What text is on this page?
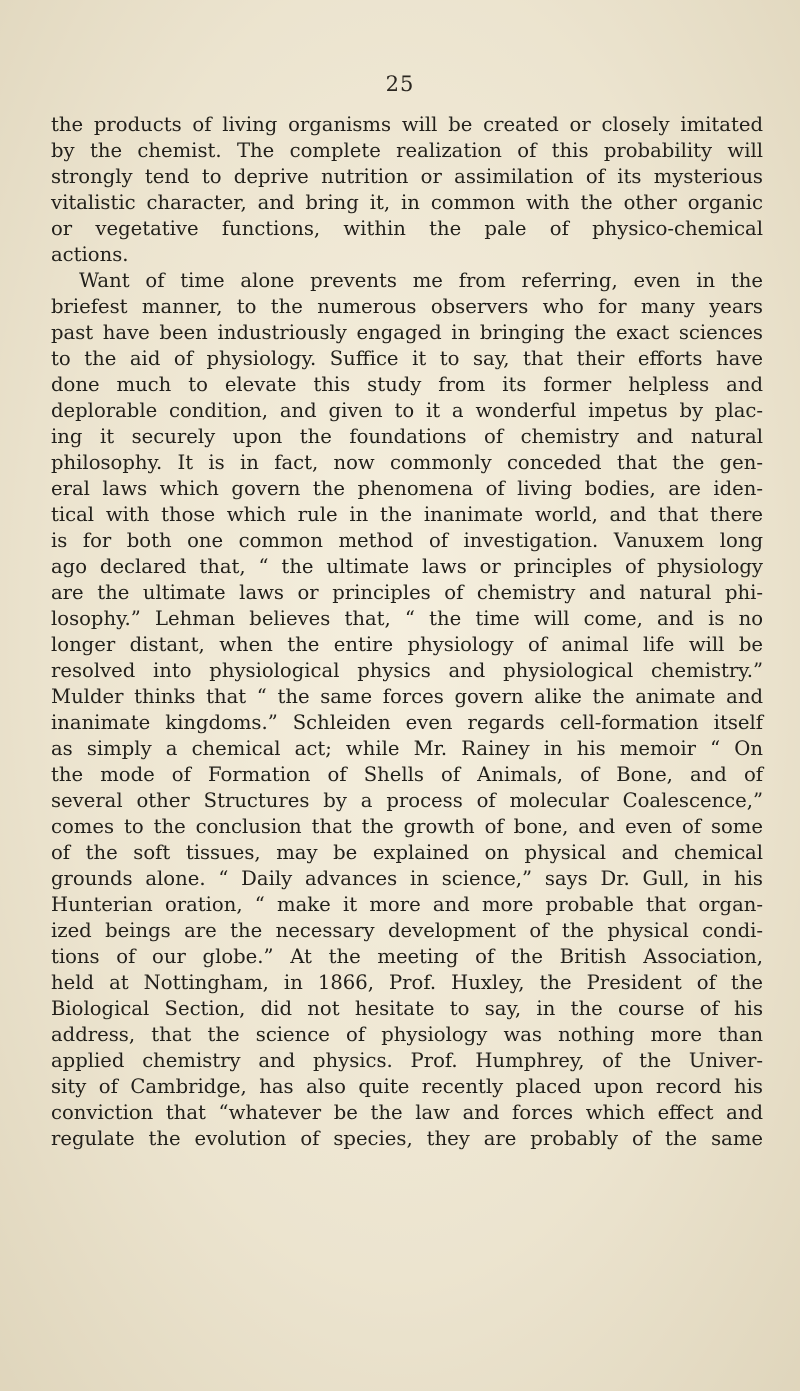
25
the products of living organisms will be created or closely imitated
by the chemist. The complete realization of this probability will
strongly tend to deprive nutrition or assimilation of its mysterious
vitalistic character, and bring it, in common with the other organic
or vegetative functions, within the pale of physico-chemical
actions.
Want of time alone prevents me from referring, even in the
briefest manner, to the numerous observers who for many years
past have been industriously engaged in bringing the exact sciences
to the aid of physiology. Suffice it to say, that their efforts have
done much to elevate this study from its former helpless and
deplorable condition, and given to it a wonderful impetus by plac-
ing it securely upon the foundations of chemistry and natural
philosophy. It is in fact, now commonly conceded that the gen-
eral laws which govern the phenomena of living bodies, are iden-
tical with those which rule in the inanimate world, and that there
is for both one common method of investigation. Vanuxem long
ago declared that, “ the ultimate laws or principles of physiology
are the ultimate laws or principles of chemistry and natural phi-
losophy.” Lehman believes that, “ the time will come, and is no
longer distant, when the entire physiology of animal life will be
resolved into physiological physics and physiological chemistry.”
Mulder thinks that “ the same forces govern alike the animate and
inanimate kingdoms.” Schleiden even regards cell-formation itself
as simply a chemical act; while Mr. Rainey in his memoir “ On
the mode of Formation of Shells of Animals, of Bone, and of
several other Structures by a process of molecular Coalescence,”
comes to the conclusion that the growth of bone, and even of some
of the soft tissues, may be explained on physical and chemical
grounds alone. “ Daily advances in science,” says Dr. Gull, in his
Hunterian oration, “ make it more and more probable that organ-
ized beings are the necessary development of the physical condi-
tions of our globe.” At the meeting of the British Association,
held at Nottingham, in 1866, Prof. Huxley, the President of the
Biological Section, did not hesitate to say, in the course of his
address, that the science of physiology was nothing more than
applied chemistry and physics. Prof. Humphrey, of the Univer-
sity of Cambridge, has also quite recently placed upon record his
conviction that “whatever be the law and forces which effect and
regulate the evolution of species, they are probably of the same
